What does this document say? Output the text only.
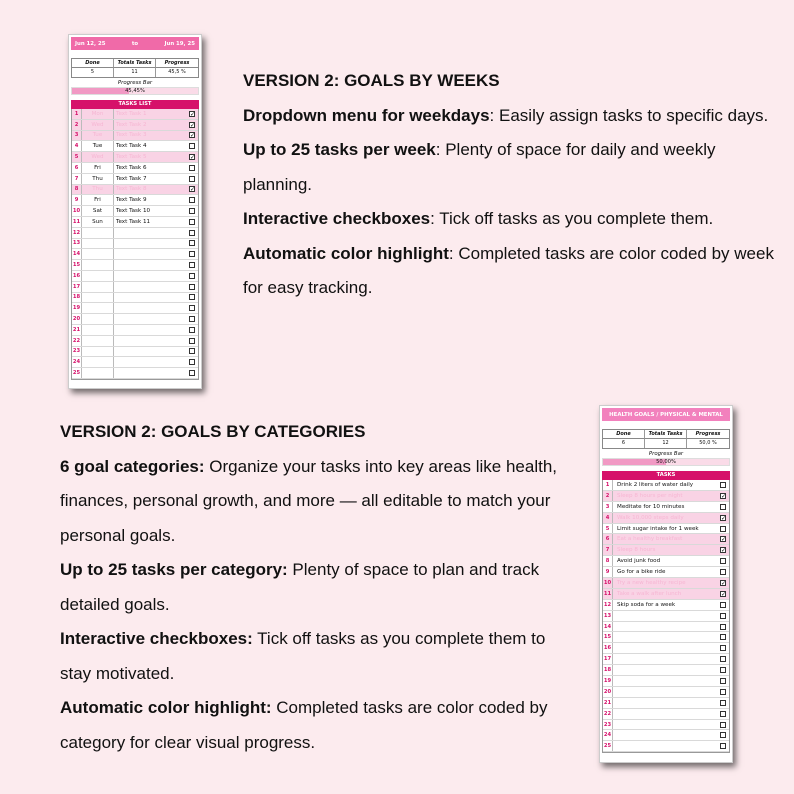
Jun 12, 25	to	Jun 19, 25
Done	Totals Tasks	Progress
5	11	45,5 %
Progress Bar
45,45%
TASKS LIST
1	Mon	Text Task 1	✓
2	Wed	Text Task 2	✓
3	Tue	Text Task 3	✓
4	Tue	Text Task 4
5	Wed	Text Task 5	✓
6	Fri	Text Task 6
7	Thu	Text Task 7
8	Thu	Text Task 8	✓
9	Fri	Text Task 9
10	Sat	Text Task 10
11	Sun	Text Task 11
12
13
14
15
16
17
18
19
20
21
22
23
24
25
VERSION 2: GOALS BY WEEKS

Dropdown menu for weekdays: Easily assign tasks to specific days.

Up to 25 tasks per week: Plenty of space for daily and weekly planning.

Interactive checkboxes: Tick off tasks as you complete them.

Automatic color highlight: Completed tasks are color coded by week for easy tracking.

VERSION 2: GOALS BY CATEGORIES

6 goal categories: Organize your tasks into key areas like health, finances, personal growth, and more — all editable to match your personal goals.

Up to 25 tasks per category: Plenty of space to plan and track detailed goals.

Interactive checkboxes: Tick off tasks as you complete them to stay motivated.

Automatic color highlight: Completed tasks are color coded by category for clear visual progress.

HEALTH GOALS / PHYSICAL & MENTAL
Done	Totals Tasks	Progress
6	12	50,0 %
Progress Bar
50,00%
TASKS
1	Drink 2 liters of water daily
2	Sleep 8 hours per night	✓
3	Meditate for 10 minutes
4	Walk 10,000 steps daily	✓
5	Limit sugar intake for 1 week
6	Eat a healthy breakfast	✓
7	Sleep 8 hours	✓
8	Avoid junk food
9	Go for a bike ride
10	Try a new healthy recipe	✓
11	Take a walk after lunch	✓
12	Skip soda for a week
13
14
15
16
17
18
19
20
21
22
23
24
25
